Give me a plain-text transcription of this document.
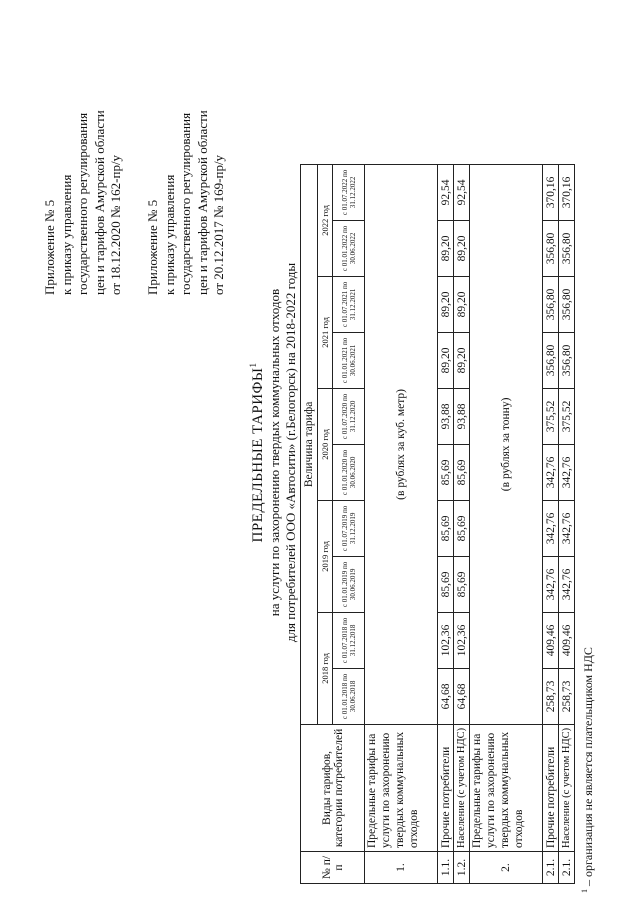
Приложение № 5 к приказу управления государственного регулирования цен и тарифов Амурской области от 18.12.2020 № 162-пр/у Приложение № 5 к приказу управления государственного регулирования цен и тарифов Амурской области от 20.12.2017 № 169-пр/у
ПРЕДЕЛЬНЫЕ ТАРИФЫ$^1$ на услуги по захоронению твердых коммунальных отходов для потребителей ООО «Автосити» (г.Белогорск) на 2018-2022 годы
№ п/п	Виды тарифов, категории потребителей	Величина тарифа									
		2018 год		2019 год		2020 год		2021 год		2022 год	
		с 01.01.2018 по 30.06.2018	с 01.07.2018 по 31.12.2018	с 01.01.2019 по 30.06.2019	с 01.07.2019 по 31.12.2019	с 01.01.2020 по 30.06.2020	с 01.07.2020 по 31.12.2020	с 01.01.2021 по 30.06.2021	с 01.07.2021 по 31.12.2021	с 01.01.2022 по 30.06.2022	с 01.07.2022 по 31.12.2022
1.	Предельные тарифы на услуги по захоронению твердых коммунальных отходов	(в рублях за куб. метр)									
1.1.	Прочие потребители	64,68	102,36	85,69	85,69	85,69	93,88	89,20	89,20	89,20	92,54
1.2.	Население (с учетом НДС)	64,68	102,36	85,69	85,69	85,69	93,88	89,20	89,20	89,20	92,54
2.	Предельные тарифы на услуги по захоронению твердых коммунальных отходов	(в рублях за тонну)									
2.1.	Прочие потребители	258,73	409,46	342,76	342,76	342,76	375,52	356,80	356,80	356,80	370,16
2.1.	Население (с учетом НДС)	258,73	409,46	342,76	342,76	342,76	375,52	356,80	356,80	356,80	370,16
$^1$ – организация не является плательщиком НДС
